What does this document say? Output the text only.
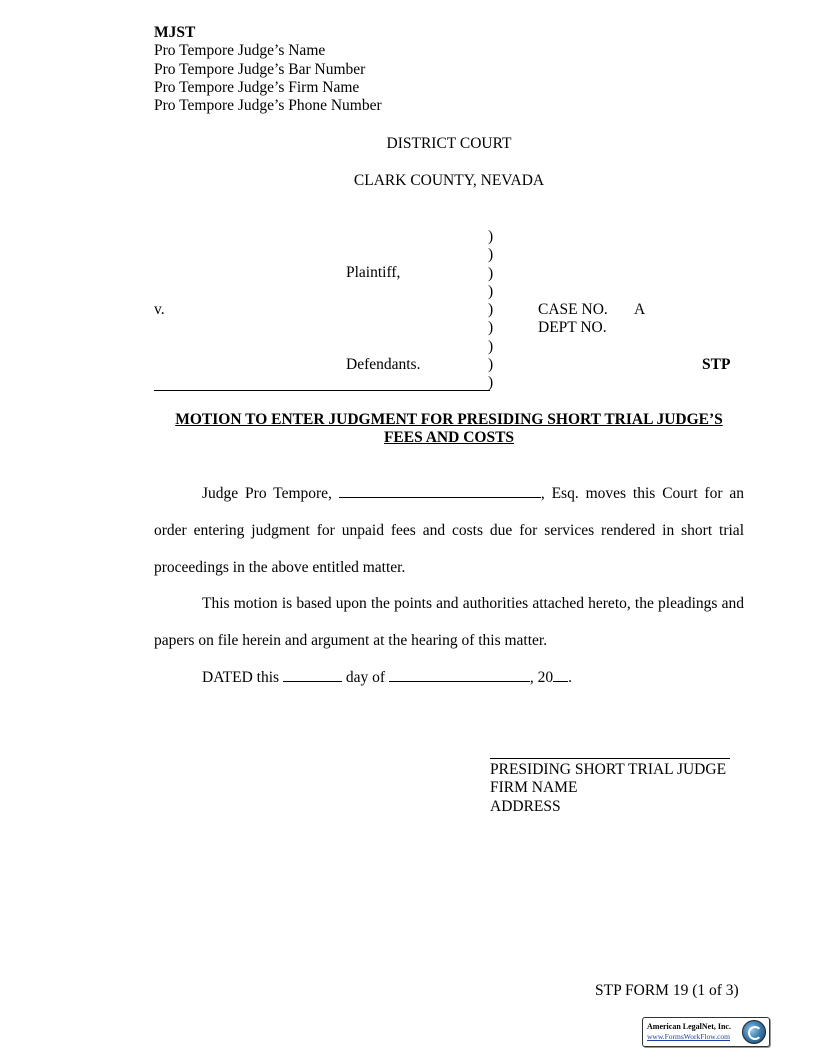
MJST
Pro Tempore Judge’s Name
Pro Tempore Judge’s Bar Number
Pro Tempore Judge’s Firm Name
Pro Tempore Judge’s Phone Number
DISTRICT COURT
CLARK COUNTY, NEVADA
Plaintiff,
v.
Defendants.
)
)
)
)
)
)
)
)
)
CASE NO. A
DEPT NO.
STP
MOTION TO ENTER JUDGMENT FOR PRESIDING SHORT TRIAL JUDGE’S
FEES AND COSTS
Judge Pro Tempore,	, Esq. moves this Court for an order entering judgment for unpaid fees and costs due for services rendered in short trial proceedings in the above entitled matter.
This motion is based upon the points and authorities attached hereto, the pleadings and papers on file herein and argument at the hearing of this matter.
DATED this	day of	, 20 .
PRESIDING SHORT TRIAL JUDGE
FIRM NAME
ADDRESS
STP FORM 19 (1 of 3)
American LegalNet, Inc.
www.FormsWorkFlow.com
